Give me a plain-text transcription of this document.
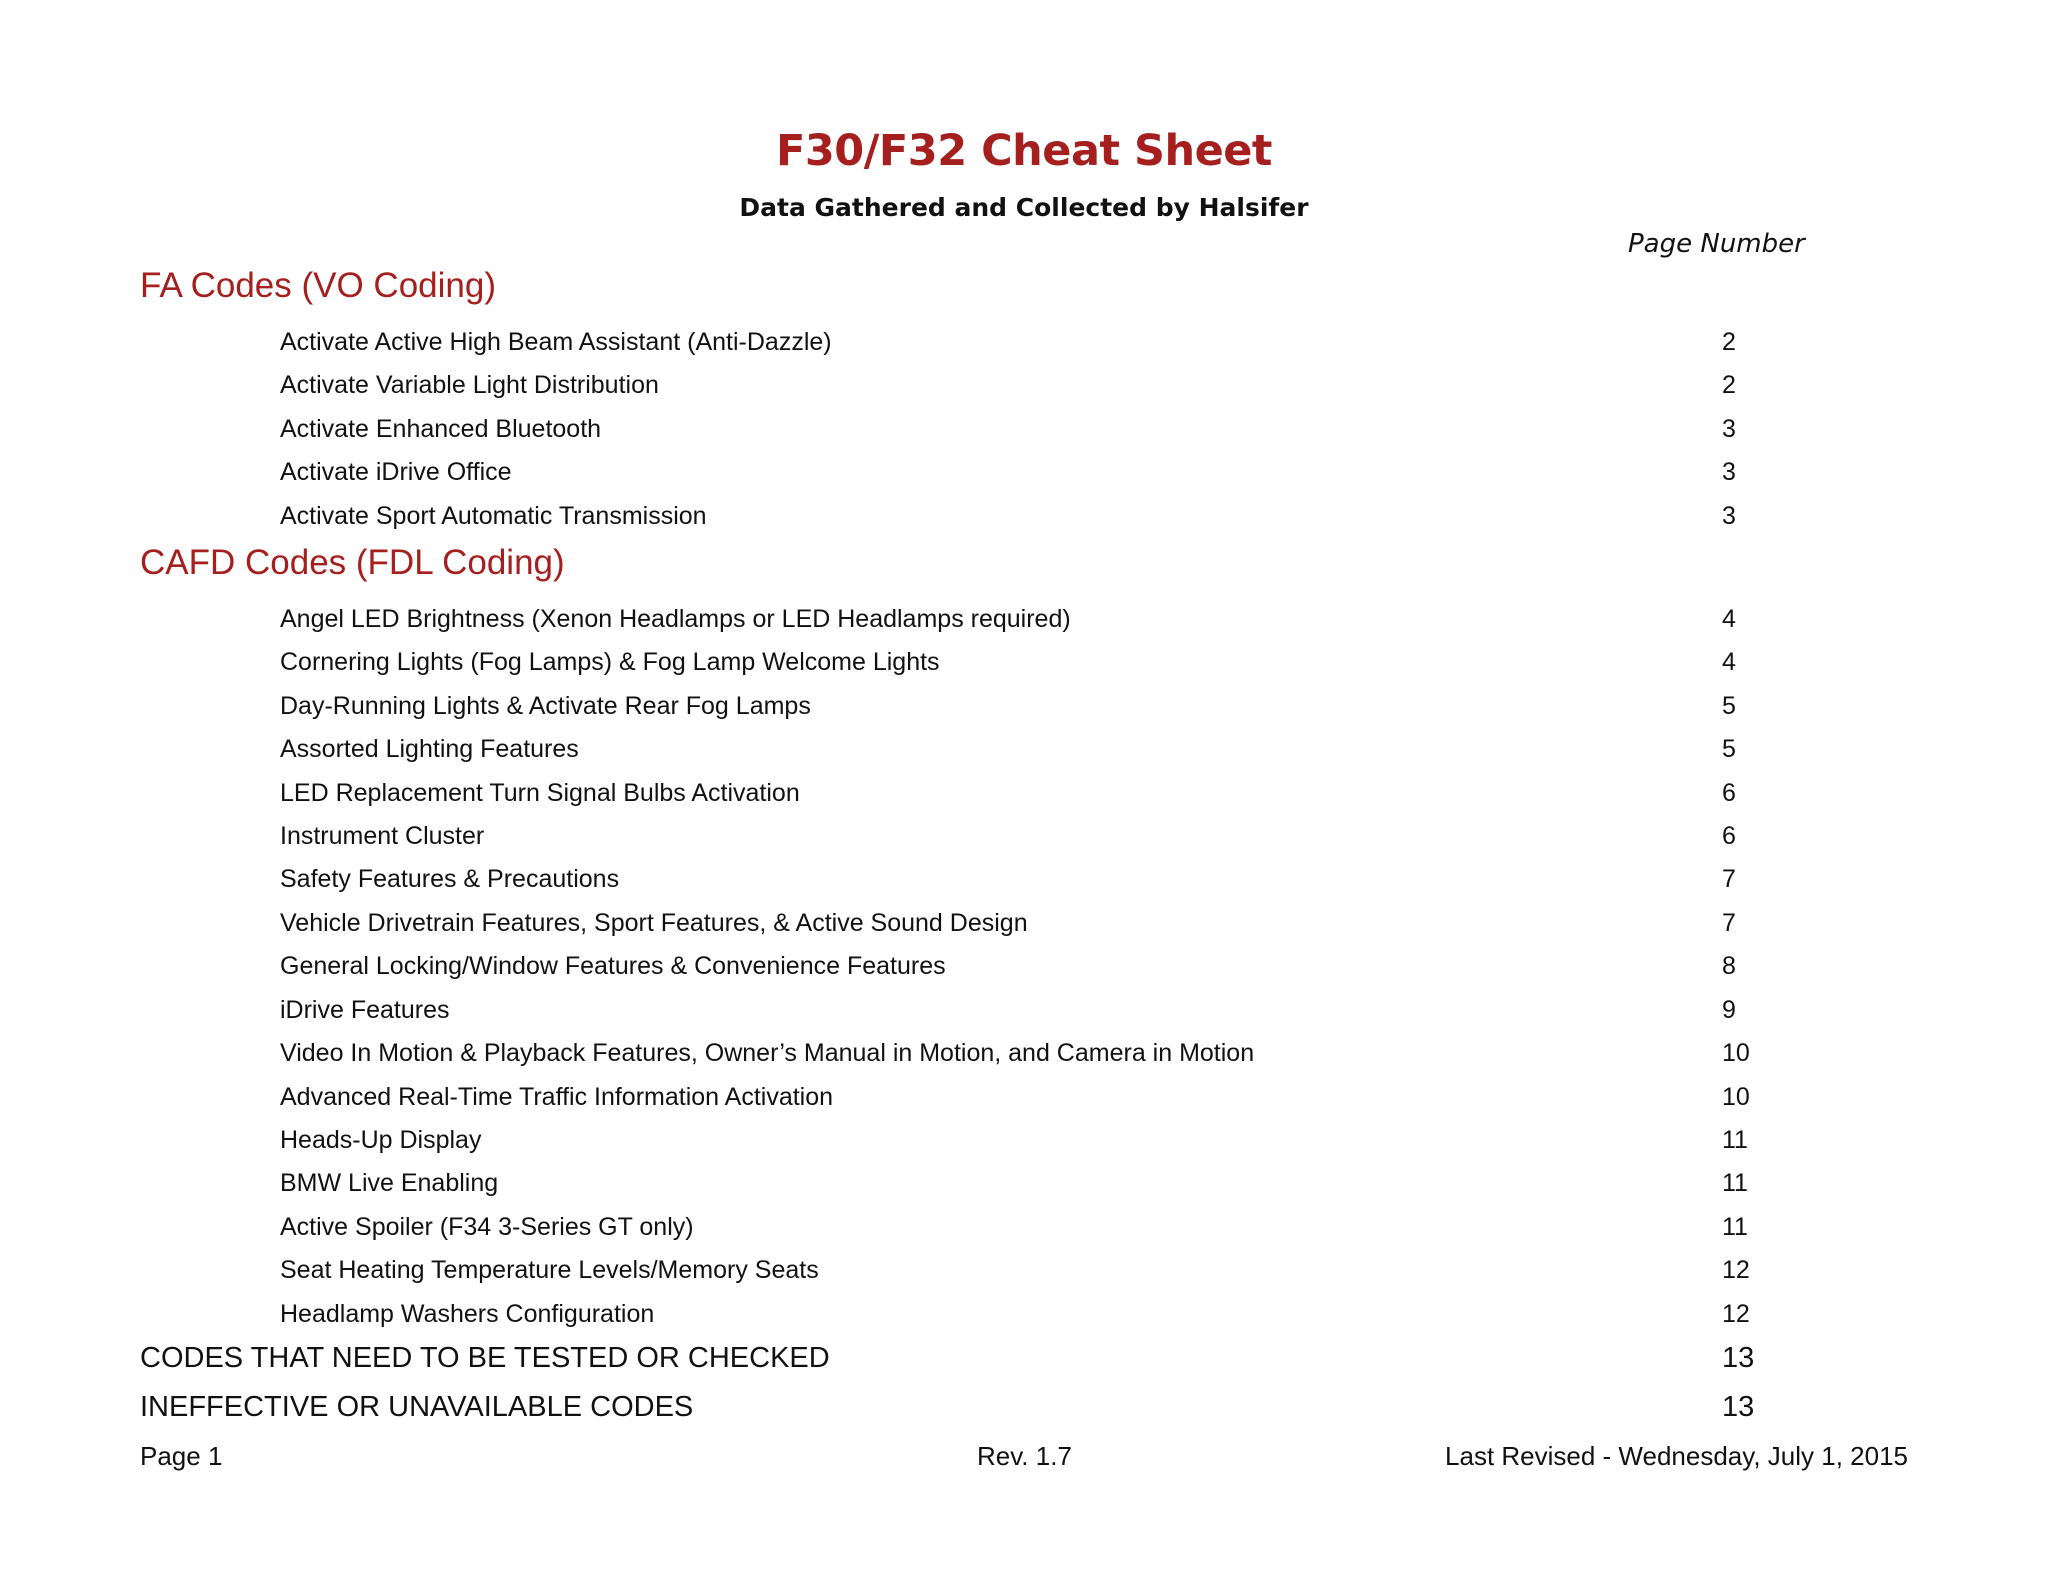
F30/F32 Cheat Sheet
Data Gathered and Collected by Halsifer
Page Number
FA Codes (VO Coding)
Activate Active High Beam Assistant (Anti-Dazzle)	2
Activate Variable Light Distribution	2
Activate Enhanced Bluetooth	3
Activate iDrive Office	3
Activate Sport Automatic Transmission	3
CAFD Codes (FDL Coding)
Angel LED Brightness (Xenon Headlamps or LED Headlamps required)	4
Cornering Lights (Fog Lamps) & Fog Lamp Welcome Lights	4
Day-Running Lights & Activate Rear Fog Lamps	5
Assorted Lighting Features	5
LED Replacement Turn Signal Bulbs Activation	6
Instrument Cluster	6
Safety Features & Precautions	7
Vehicle Drivetrain Features, Sport Features, & Active Sound Design	7
General Locking/Window Features & Convenience Features	8
iDrive Features	9
Video In Motion & Playback Features, Owner’s Manual in Motion, and Camera in Motion	10
Advanced Real-Time Traffic Information Activation	10
Heads-Up Display	11
BMW Live Enabling	11
Active Spoiler (F34 3-Series GT only)	11
Seat Heating Temperature Levels/Memory Seats	12
Headlamp Washers Configuration	12
CODES THAT NEED TO BE TESTED OR CHECKED	13
INEFFECTIVE OR UNAVAILABLE CODES	13
Page 1	Rev. 1.7	Last Revised - Wednesday, July 1, 2015
